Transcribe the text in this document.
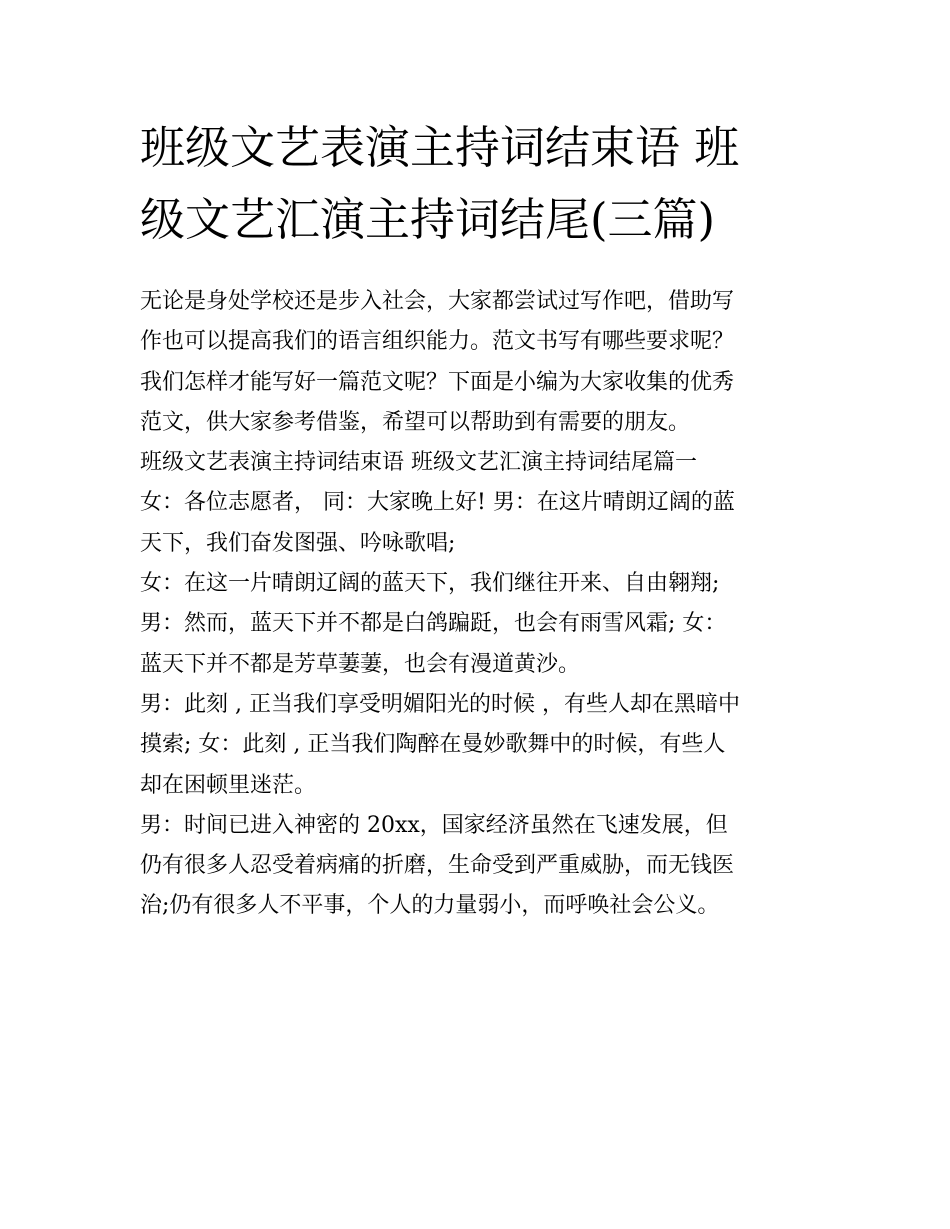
班级文艺表演主持词结束语 班
级文艺汇演主持词结尾(三篇)
无论是身处学校还是步入社会，大家都尝试过写作吧，借助写
作也可以提高我们的语言组织能力。范文书写有哪些要求呢？
我们怎样才能写好一篇范文呢？下面是小编为大家收集的优秀
范文，供大家参考借鉴，希望可以帮助到有需要的朋友。
班级文艺表演主持词结束语 班级文艺汇演主持词结尾篇一
女：各位志愿者， 同：大家晚上好! 男：在这片晴朗辽阔的蓝
天下，我们奋发图强、吟咏歌唱;
女：在这一片晴朗辽阔的蓝天下，我们继往开来、自由翱翔;
男：然而，蓝天下并不都是白鸽蹁跹，也会有雨雪风霜; 女：
蓝天下并不都是芳草萋萋，也会有漫道黄沙。
男：此刻 , 正当我们享受明媚阳光的时候 ，有些人却在黑暗中
摸索; 女：此刻 , 正当我们陶醉在曼妙歌舞中的时候，有些人
却在困顿里迷茫。
男：时间已进入神密的 20xx，国家经济虽然在飞速发展，但
仍有很多人忍受着病痛的折磨，生命受到严重威胁，而无钱医
治;仍有很多人不平事，个人的力量弱小，而呼唤社会公义。
